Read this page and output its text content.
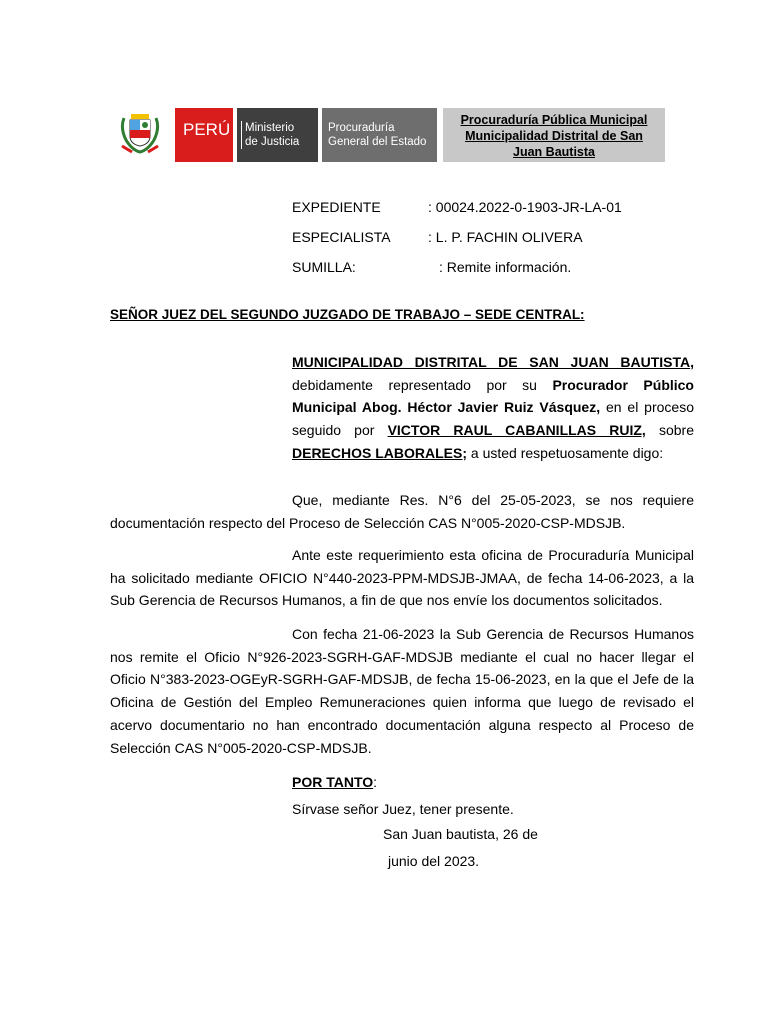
PERÚ Ministerio
de Justicia
Procuraduría
General del Estado
Procuraduría Pública Municipal
Municipalidad Distrital de San
Juan Bautista
EXPEDIENTE	: 00024.2022-0-1903-JR-LA-01
ESPECIALISTA	: L. P. FACHIN OLIVERA
SUMILLA:	: Remite información.
SEÑOR JUEZ DEL SEGUNDO JUZGADO DE TRABAJO – SEDE CENTRAL:
MUNICIPALIDAD DISTRITAL DE SAN JUAN BAUTISTA, debidamente representado por su Procurador Público Municipal Abog. Héctor Javier Ruiz Vásquez, en el proceso seguido por VICTOR RAUL CABANILLAS RUIZ, sobre DERECHOS LABORALES; a usted respetuosamente digo:
Que, mediante Res. N°6 del 25-05-2023, se nos requiere documentación respecto del Proceso de Selección CAS N°005-2020-CSP-MDSJB.
Ante este requerimiento esta oficina de Procuraduría Municipal ha solicitado mediante OFICIO N°440-2023-PPM-MDSJB-JMAA, de fecha 14-06-2023, a la Sub Gerencia de Recursos Humanos, a fin de que nos envíe los documentos solicitados.
Con fecha 21-06-2023 la Sub Gerencia de Recursos Humanos nos remite el Oficio N°926-2023-SGRH-GAF-MDSJB mediante el cual no hacer llegar el Oficio N°383-2023-OGEyR-SGRH-GAF-MDSJB, de fecha 15-06-2023, en la que el Jefe de la Oficina de Gestión del Empleo Remuneraciones quien informa que luego de revisado el acervo documentario no han encontrado documentación alguna respecto al Proceso de Selección CAS N°005-2020-CSP-MDSJB.
POR TANTO:
Sírvase señor Juez, tener presente.
San Juan bautista, 26 de
junio del 2023.
